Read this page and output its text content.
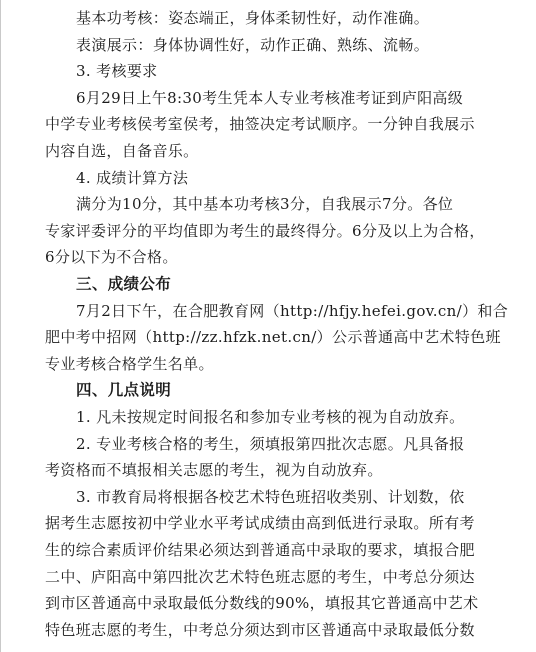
基本功考核：姿态端正，身体柔韧性好，动作准确。
表演展示：身体协调性好，动作正确、熟练、流畅。
3. 考核要求
6月29日上午8:30考生凭本人专业考核准考证到庐阳高级
中学专业考核侯考室侯考，抽签决定考试顺序。一分钟自我展示
内容自选，自备音乐。
4. 成绩计算方法
满分为10分，其中基本功考核3分，自我展示7分。各位
专家评委评分的平均值即为考生的最终得分。6分及以上为合格，
6分以下为不合格。
三、成绩公布
7月2日下午，在合肥教育网（http://hfjy.hefei.gov.cn/）和合
肥中考中招网（http://zz.hfzk.net.cn/）公示普通高中艺术特色班
专业考核合格学生名单。
四、几点说明
1. 凡未按规定时间报名和参加专业考核的视为自动放弃。
2. 专业考核合格的考生，须填报第四批次志愿。凡具备报
考资格而不填报相关志愿的考生，视为自动放弃。
3. 市教育局将根据各校艺术特色班招收类别、计划数，依
据考生志愿按初中学业水平考试成绩由高到低进行录取。所有考
生的综合素质评价结果必须达到普通高中录取的要求，填报合肥
二中、庐阳高中第四批次艺术特色班志愿的考生，中考总分须达
到市区普通高中录取最低分数线的90%，填报其它普通高中艺术
特色班志愿的考生，中考总分须达到市区普通高中录取最低分数
